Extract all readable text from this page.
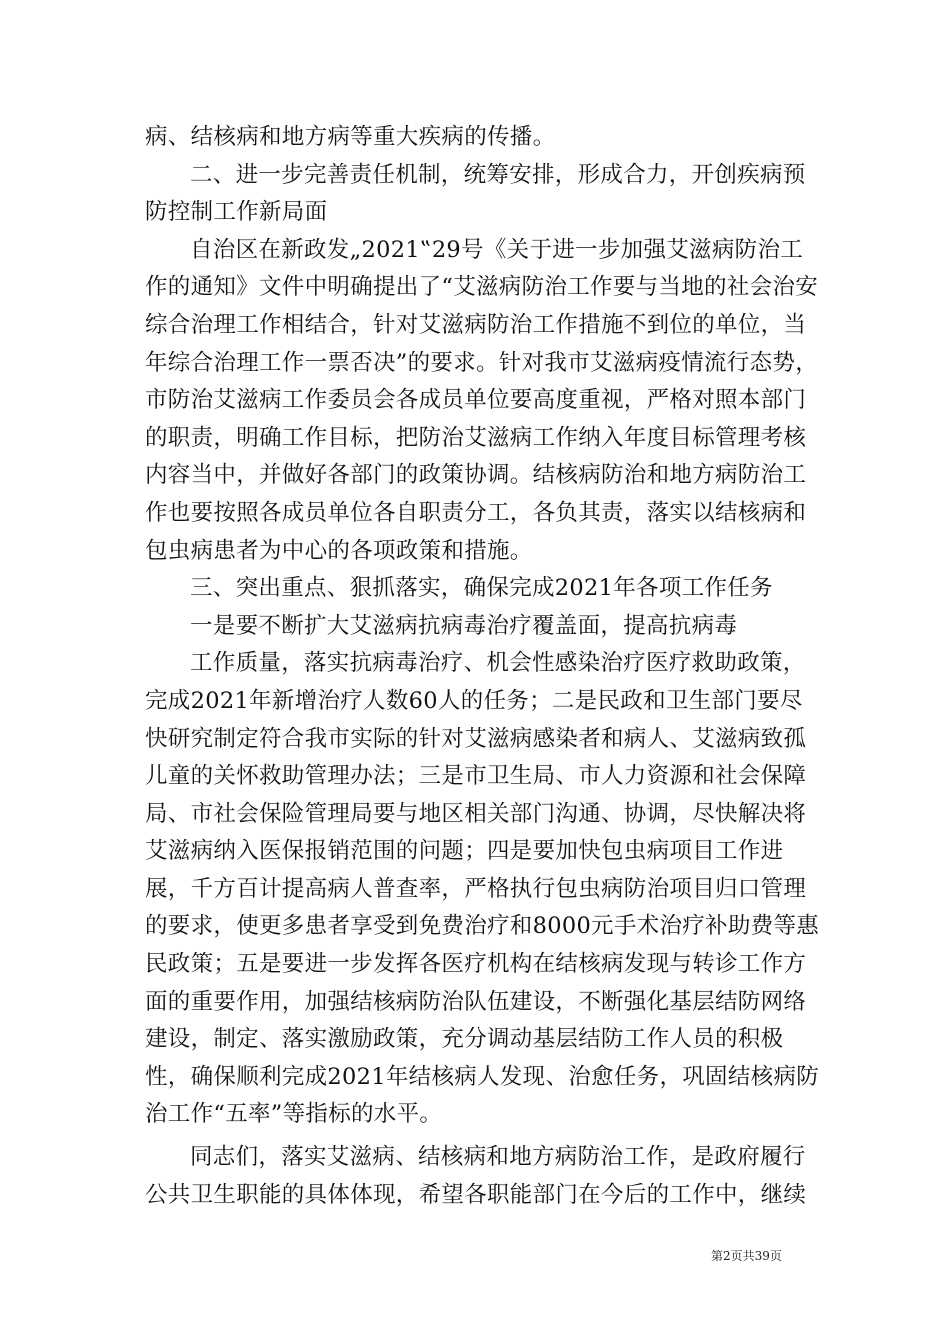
病、结核病和地方病等重大疾病的传播。

二、进一步完善责任机制，统筹安排，形成合力，开创疾病预防控制工作新局面

自治区在新政发„2021‟29号《关于进一步加强艾滋病防治工作的通知》文件中明确提出了“艾滋病防治工作要与当地的社会治安综合治理工作相结合，针对艾滋病防治工作措施不到位的单位，当年综合治理工作一票否决”的要求。针对我市艾滋病疫情流行态势，市防治艾滋病工作委员会各成员单位要高度重视，严格对照本部门的职责，明确工作目标，把防治艾滋病工作纳入年度目标管理考核内容当中，并做好各部门的政策协调。结核病防治和地方病防治工作也要按照各成员单位各自职责分工，各负其责，落实以结核病和包虫病患者为中心的各项政策和措施。

三、突出重点、狠抓落实，确保完成2021年各项工作任务

一是要不断扩大艾滋病抗病毒治疗覆盖面，提高抗病毒

工作质量，落实抗病毒治疗、机会性感染治疗医疗救助政策，完成2021年新增治疗人数60人的任务；二是民政和卫生部门要尽快研究制定符合我市实际的针对艾滋病感染者和病人、艾滋病致孤儿童的关怀救助管理办法；三是市卫生局、市人力资源和社会保障局、市社会保险管理局要与地区相关部门沟通、协调，尽快解决将艾滋病纳入医保报销范围的问题；四是要加快包虫病项目工作进展，千方百计提高病人普查率，严格执行包虫病防治项目归口管理的要求，使更多患者享受到免费治疗和8000元手术治疗补助费等惠民政策；五是要进一步发挥各医疗机构在结核病发现与转诊工作方面的重要作用，加强结核病防治队伍建设，不断强化基层结防网络建设，制定、落实激励政策，充分调动基层结防工作人员的积极性，确保顺利完成2021年结核病人发现、治愈任务，巩固结核病防治工作“五率”等指标的水平。

同志们，落实艾滋病、结核病和地方病防治工作，是政府履行公共卫生职能的具体体现，希望各职能部门在今后的工作中，继续

第2页共39页
